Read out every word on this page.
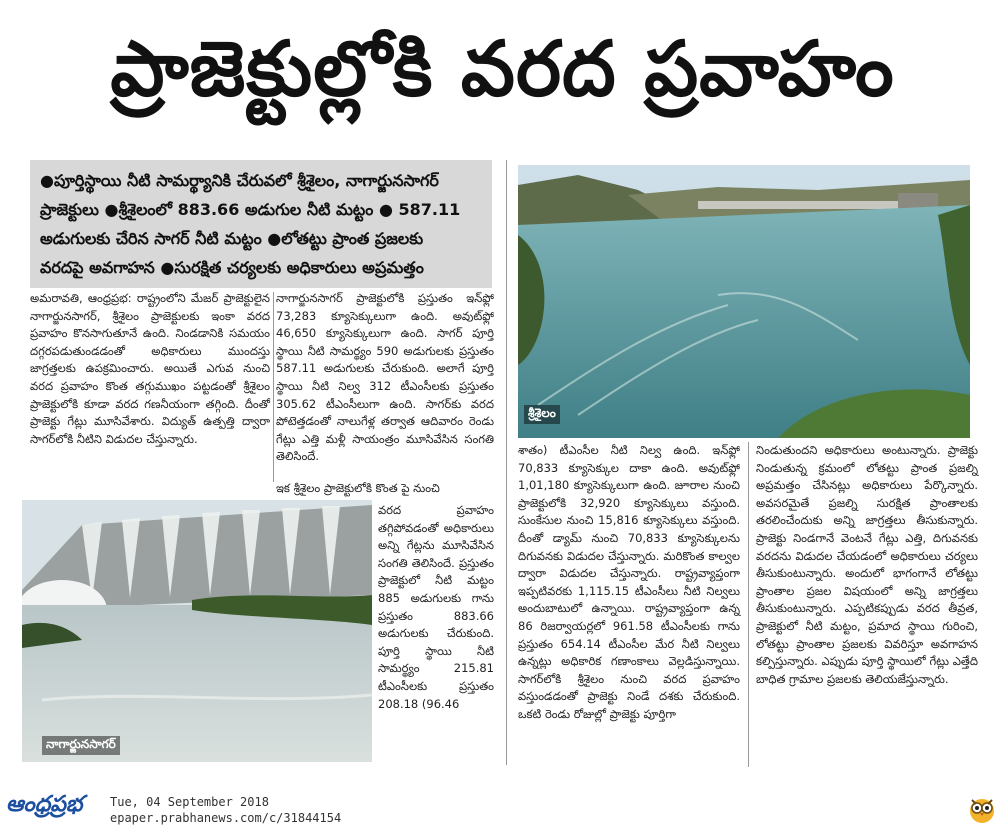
ప్రాజెక్టుల్లోకి వరద ప్రవాహం
●పూర్తిస్థాయి నీటి సామర్థ్యానికి చేరువలో శ్రీశైలం, నాగార్జునసాగర్
ప్రాజెక్టులు ●శ్రీశైలంలో 883.66 అడుగుల నీటి మట్టం ● 587.11
అడుగులకు చేరిన సాగర్ నీటి మట్టం ●లోతట్టు ప్రాంత ప్రజలకు
వరదపై అవగాహన ●సురక్షిత చర్యలకు అధికారులు అప్రమత్తం
శ్రీశైలం
నాగార్జునసాగర్

అమరావతి, ఆంధ్రప్రభ: రాష్ట్రంలోని మేజర్ ప్రాజెక్టులైన నాగార్జునసాగర్, శ్రీశైలం ప్రాజెక్టులకు ఇంకా వరద ప్రవాహం కొనసాగుతూనే ఉంది. నిండడానికి సమయం దగ్గరపడుతుండడంతో అధికారులు ముందస్తు జాగ్రత్తలకు ఉపక్రమించారు. అయితే ఎగువ నుంచి వరద ప్రవాహం కొంత తగ్గుముఖం పట్టడంతో శ్రీశైలం ప్రాజెక్టులోకి కూడా వరద గణనీయంగా తగ్గింది. దీంతో ప్రాజెక్టు గేట్లు మూసివేశారు. విద్యుత్ ఉత్పత్తి ద్వారా సాగర్‌లోకి నీటిని విడుదల చేస్తున్నారు.

నాగార్జునసాగర్ ప్రాజెక్టులోకి ప్రస్తుతం ఇన్‌ఫ్లో 73,283 క్యూసెక్కులుగా ఉంది. అవుట్‌ఫ్లో 46,650 క్యూసెక్కులుగా ఉంది. సాగర్ పూర్తి స్థాయి నీటి సామర్థ్యం 590 అడుగులకు ప్రస్తుతం 587.11 అడుగులకు చేరుకుంది. అలాగే పూర్తి స్థాయి నీటి నిల్వ 312 టీఎంసీలకు ప్రస్తుతం 305.62 టీఎంసీలుగా ఉంది. సాగర్‌కు వరద పోటెత్తడంతో నాలుగేళ్ల తర్వాత ఆదివారం రెండు గేట్లు ఎత్తి మళ్లీ సాయంత్రం మూసివేసిన సంగతి తెలిసిందే.

ఇక శ్రీశైలం ప్రాజెక్టులోకి కొంత పై నుంచి

వరద ప్రవాహం తగ్గిపోవడంతో అధికారులు అన్ని గేట్లను మూసివేసిన సంగతి తెలిసిందే. ప్రస్తుతం ప్రాజెక్టులో నీటి మట్టం 885 అడుగులకు గాను ప్రస్తుతం 883.66 అడుగులకు చేరుకుంది. పూర్తి స్థాయి నీటి సామర్థ్యం 215.81 టీఎంసీలకు ప్రస్తుతం 208.18 (96.46

శాతం) టీఎంసీల నీటి నిల్వ ఉంది. ఇన్‌ఫ్లో 70,833 క్యూసెక్కుల దాకా ఉంది. అవుట్‌ఫ్లో 1,01,180 క్యూసెక్కులుగా ఉంది. జూరాల నుంచి ప్రాజెక్టులోకి 32,920 క్యూసెక్కులు వస్తుంది. సుంకేసుల నుంచి 15,816 క్యూసెక్కులు వస్తుంది. దీంతో డ్యామ్ నుంచి 70,833 క్యూసెక్కులను దిగువనకు విడుదల చేస్తున్నారు. మరికొంత కాల్వల ద్వారా విడుదల చేస్తున్నారు. రాష్ట్రవ్యాప్తంగా ఇప్పటివరకు 1,115.15 టీఎంసీలు నీటి నిల్వలు అందుబాటులో ఉన్నాయి. రాష్ట్రవ్యాప్తంగా ఉన్న 86 రిజర్వాయర్లలో 961.58 టీఎంసీలకు గాను ప్రస్తుతం 654.14 టీఎంసీల మేర నీటి నిల్వలు ఉన్నట్లు అధికారిక గణాంకాలు వెల్లడిస్తున్నాయి. సాగర్‌లోకి శ్రీశైలం నుంచి వరద ప్రవాహం వస్తుండడంతో ప్రాజెక్టు నిండే దశకు చేరుకుంది. ఒకటి రెండు రోజుల్లో ప్రాజెక్టు పూర్తిగా

నిండుతుందని అధికారులు అంటున్నారు. ప్రాజెక్టు నిండుతున్న క్రమంలో లోతట్టు ప్రాంత ప్రజల్ని అప్రమత్తం చేసినట్లు అధికారులు పేర్కొన్నారు. అవసరమైతే ప్రజల్ని సురక్షిత ప్రాంతాలకు తరలించేందుకు అన్ని జాగ్రత్తలు తీసుకున్నారు. ప్రాజెక్టు నిండగానే వెంటనే గేట్లు ఎత్తి, దిగువనకు వరదను విడుదల చేయడంలో అధికారులు చర్యలు తీసుకుంటున్నారు. అందులో భాగంగానే లోతట్టు ప్రాంతాల ప్రజల విషయంలో అన్ని జాగ్రత్తలు తీసుకుంటున్నారు. ఎప్పటికప్పుడు వరద తీవ్రత, ప్రాజెక్టులో నీటి మట్టం, ప్రమాద స్థాయి గురించి, లోతట్టు ప్రాంతాల ప్రజలకు వివరిస్తూ అవగాహన కల్పిస్తున్నారు. ఎప్పుడు పూర్తి స్థాయిలో గేట్లు ఎత్తేది బాధిత గ్రామాల ప్రజలకు తెలియజేస్తున్నారు.

ఆంధ్రప్రభ Tue, 04 September 2018
epaper.prabhanews.com/c/31844154
